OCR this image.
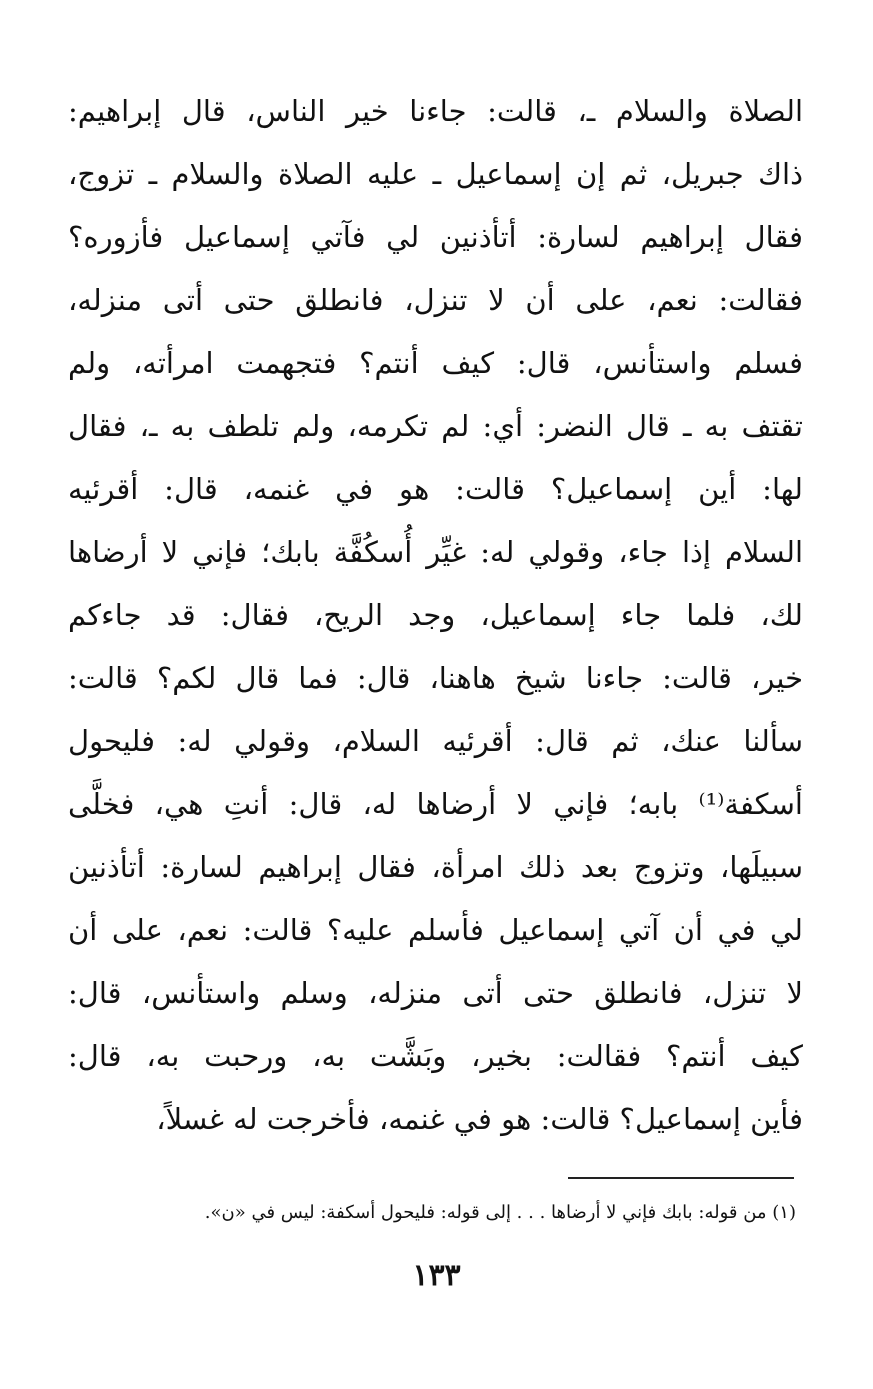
الصلاة والسلام ـ، قالت: جاءنا خير الناس، قال إبراهيم:
ذاك جبريل، ثم إن إسماعيل ـ عليه الصلاة والسلام ـ تزوج،
فقال إبراهيم لسارة: أتأذنين لي فآتي إسماعيل فأزوره؟
فقالت: نعم، على أن لا تنزل، فانطلق حتى أتى منزله،
فسلم واستأنس، قال: كيف أنتم؟ فتجهمت امرأته، ولم
تقتف به ـ قال النضر: أي: لم تكرمه، ولم تلطف به ـ، فقال
لها: أين إسماعيل؟ قالت: هو في غنمه، قال: أقرئيه
السلام إذا جاء، وقولي له: غيِّر أُسكُفَّة بابك؛ فإني لا أرضاها
لك، فلما جاء إسماعيل، وجد الريح، فقال: قد جاءكم
خير، قالت: جاءنا شيخ هاهنا، قال: فما قال لكم؟ قالت:
سألنا عنك، ثم قال: أقرئيه السلام، وقولي له: فليحول
أسكفة⁽¹⁾ بابه؛ فإني لا أرضاها له، قال: أنتِ هي، فخلَّى
سبيلَها، وتزوج بعد ذلك امرأة، فقال إبراهيم لسارة: أتأذنين
لي في أن آتي إسماعيل فأسلم عليه؟ قالت: نعم، على أن
لا تنزل، فانطلق حتى أتى منزله، وسلم واستأنس، قال:
كيف أنتم؟ فقالت: بخير، وبَشَّت به، ورحبت به، قال:
فأين إسماعيل؟ قالت: هو في غنمه، فأخرجت له غسلاً،
(١) من قوله: بابك فإني لا أرضاها . . . إلى قوله: فليحول أسكفة: ليس في «ن».
١٣٣
